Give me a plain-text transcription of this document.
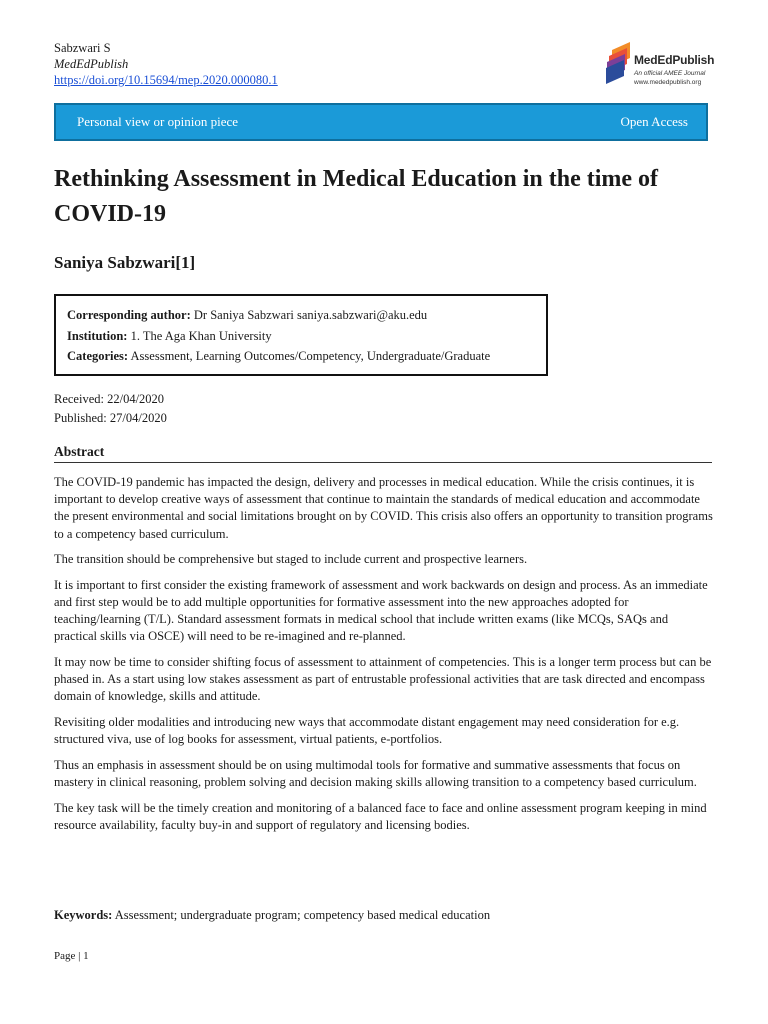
Sabzwari S
MedEdPublish
https://doi.org/10.15694/mep.2020.000080.1
MedEdPublish
An official AMEE Journal
www.mededpublish.org
Personal view or opinion piece	Open Access
Rethinking Assessment in Medical Education in the time of COVID-19
Saniya Sabzwari[1]
Corresponding author: Dr Saniya Sabzwari saniya.sabzwari@aku.edu
Institution: 1. The Aga Khan University
Categories: Assessment, Learning Outcomes/Competency, Undergraduate/Graduate
Received: 22/04/2020
Published: 27/04/2020
Abstract

The COVID-19 pandemic has impacted the design, delivery and processes in medical education. While the crisis continues, it is important to develop creative ways of assessment that continue to maintain the standards of medical education and accommodate the present environmental and social limitations brought on by COVID. This crisis also offers an opportunity to transition programs to a competency based curriculum.

The transition should be comprehensive but staged to include current and prospective learners.

It is important to first consider the existing framework of assessment and work backwards on design and process. As an immediate and first step would be to add multiple opportunities for formative assessment into the new approaches adopted for teaching/learning (T/L). Standard assessment formats in medical school that include written exams (like MCQs, SAQs and practical skills via OSCE) will need to be re-imagined and re-planned.

It may now be time to consider shifting focus of assessment to attainment of competencies. This is a longer term process but can be phased in. As a start using low stakes assessment as part of entrustable professional activities that are task directed and encompass domain of knowledge, skills and attitude.

Revisiting older modalities and introducing new ways that accommodate distant engagement may need consideration for e.g. structured viva, use of log books for assessment, virtual patients, e-portfolios.

Thus an emphasis in assessment should be on using multimodal tools for formative and summative assessments that focus on mastery in clinical reasoning, problem solving and decision making skills allowing transition to a competency based curriculum.

The key task will be the timely creation and monitoring of a balanced face to face and online assessment program keeping in mind resource availability, faculty buy-in and support of regulatory and licensing bodies.

Keywords: Assessment; undergraduate program; competency based medical education
Page | 1
